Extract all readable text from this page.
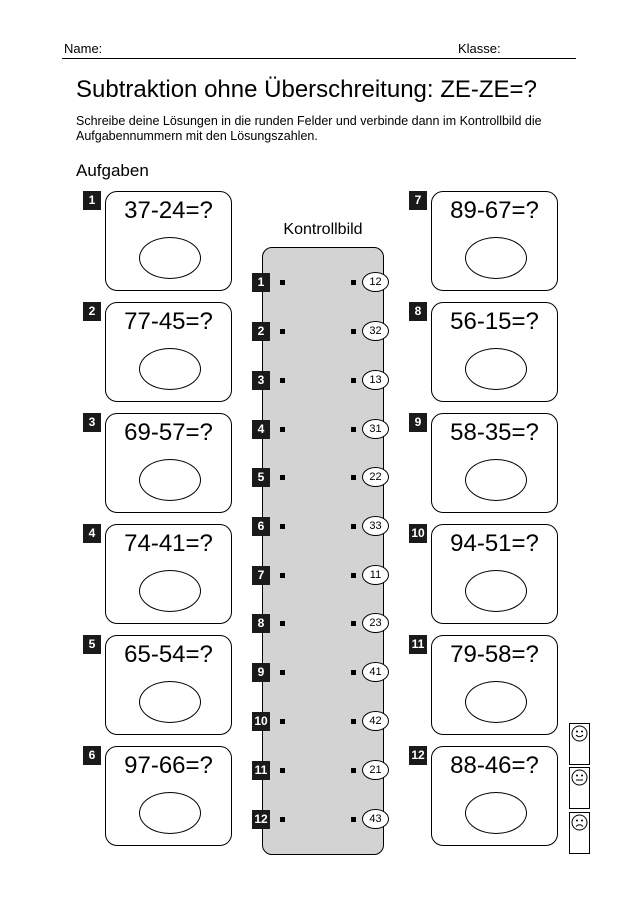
Name:	Klasse:
Subtraktion ohne Überschreitung: ZE-ZE=?
Schreibe deine Lösungen in die runden Felder und verbinde dann im Kontrollbild die Aufgabennummern mit den Lösungszahlen.
Aufgaben
1	37-24=?
2	77-45=?
3	69-57=?
4	74-41=?
5	65-54=?
6	97-66=?
7	89-67=?
8	56-15=?
9	58-35=?
10	94-51=?
11	79-58=?
12	88-46=?
Kontrollbild
1	12
2	32
3	13
4	31
5	22
6	33
7	11
8	23
9	41
10	42
11	21
12	43
